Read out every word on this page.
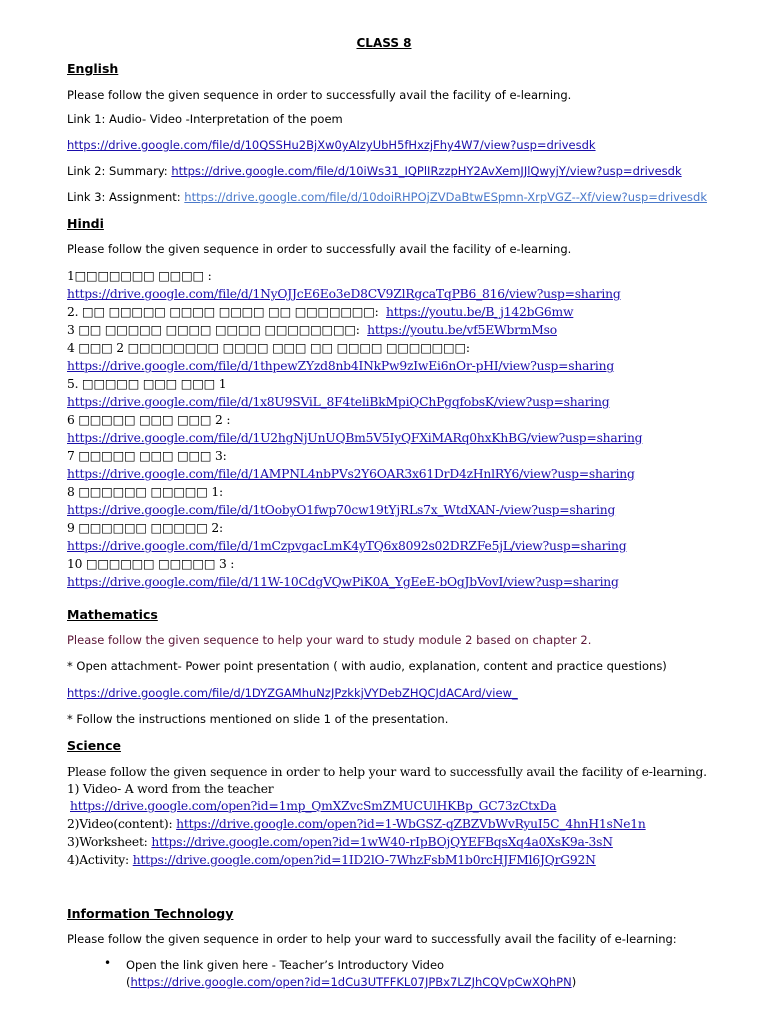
CLASS 8
English
Please follow the given sequence in order to successfully avail the facility of e-learning.
Link 1: Audio- Video -Interpretation of the poem
https://drive.google.com/file/d/10QSSHu2BjXw0yAIzyUbH5fHxzjFhy4W7/view?usp=drivesdk
Link 2: Summary: https://drive.google.com/file/d/10iWs31_IQPlIRzzpHY2AvXemJJlQwyjY/view?usp=drivesdk
Link 3: Assignment: https://drive.google.com/file/d/10doiRHPOjZVDaBtwESpmn-XrpVGZ--Xf/view?usp=drivesdk
Hindi
Please follow the given sequence in order to successfully avail the facility of e-learning.
1□□□□□□□ □□□□ :
https://drive.google.com/file/d/1NyOJJcE6Eo3eD8CV9ZlRgcaTqPB6_816/view?usp=sharing
2. □□ □□□□□ □□□□ □□□□ □□ □□□□□□□: https://youtu.be/B_j142bG6mw
3 □□ □□□□□ □□□□ □□□□ □□□□□□□□: https://youtu.be/vf5EWbrmMso
4 □□□ 2 □□□□□□□□ □□□□ □□□ □□ □□□□ □□□□□□□:
https://drive.google.com/file/d/1thpewZYzd8nb4INkPw9zIwEi6nOr-pHI/view?usp=sharing
5. □□□□□ □□□ □□□ 1
https://drive.google.com/file/d/1x8U9SViL_8F4teliBkMpiQChPgqfobsK/view?usp=sharing
6 □□□□□ □□□ □□□ 2 :
https://drive.google.com/file/d/1U2hgNjUnUQBm5V5IyQFXiMARq0hxKhBG/view?usp=sharing
7 □□□□□ □□□ □□□ 3:
https://drive.google.com/file/d/1AMPNL4nbPVs2Y6OAR3x61DrD4zHnlRY6/view?usp=sharing
8 □□□□□□ □□□□□ 1:
https://drive.google.com/file/d/1tOobyO1fwp70cw19tYjRLs7x_WtdXAN-/view?usp=sharing
9 □□□□□□ □□□□□ 2:
https://drive.google.com/file/d/1mCzpvgacLmK4yTQ6x8092s02DRZFe5jL/view?usp=sharing
10 □□□□□□ □□□□□ 3 :
https://drive.google.com/file/d/11W-10CdgVQwPiK0A_YgEeE-bOgJbVovI/view?usp=sharing
Mathematics
Please follow the given sequence to help your ward to study module 2 based on chapter 2.
* Open attachment- Power point presentation ( with audio, explanation, content and practice questions)
https://drive.google.com/file/d/1DYZGAMhuNzJPzkkjVYDebZHQCJdACArd/view_
* Follow the instructions mentioned on slide 1 of the presentation.
Science
Please follow the given sequence in order to help your ward to successfully avail the facility of e-learning.
1) Video- A word from the teacher
https://drive.google.com/open?id=1mp_QmXZvcSmZMUCUlHKBp_GC73zCtxDa
2)Video(content): https://drive.google.com/open?id=1-WbGSZ-qZBZVbWvRyuI5C_4hnH1sNe1n
3)Worksheet: https://drive.google.com/open?id=1wW40-rIpBOjQYEFBqsXq4a0XsK9a-3sN
4)Activity: https://drive.google.com/open?id=1ID2lO-7WhzFsbM1b0rcHJFMl6JQrG92N
Information Technology
Please follow the given sequence in order to help your ward to successfully avail the facility of e-learning:
• Open the link given here - Teacher’s Introductory Video
(https://drive.google.com/open?id=1dCu3UTFFKL07JPBx7LZJhCQVpCwXQhPN)
